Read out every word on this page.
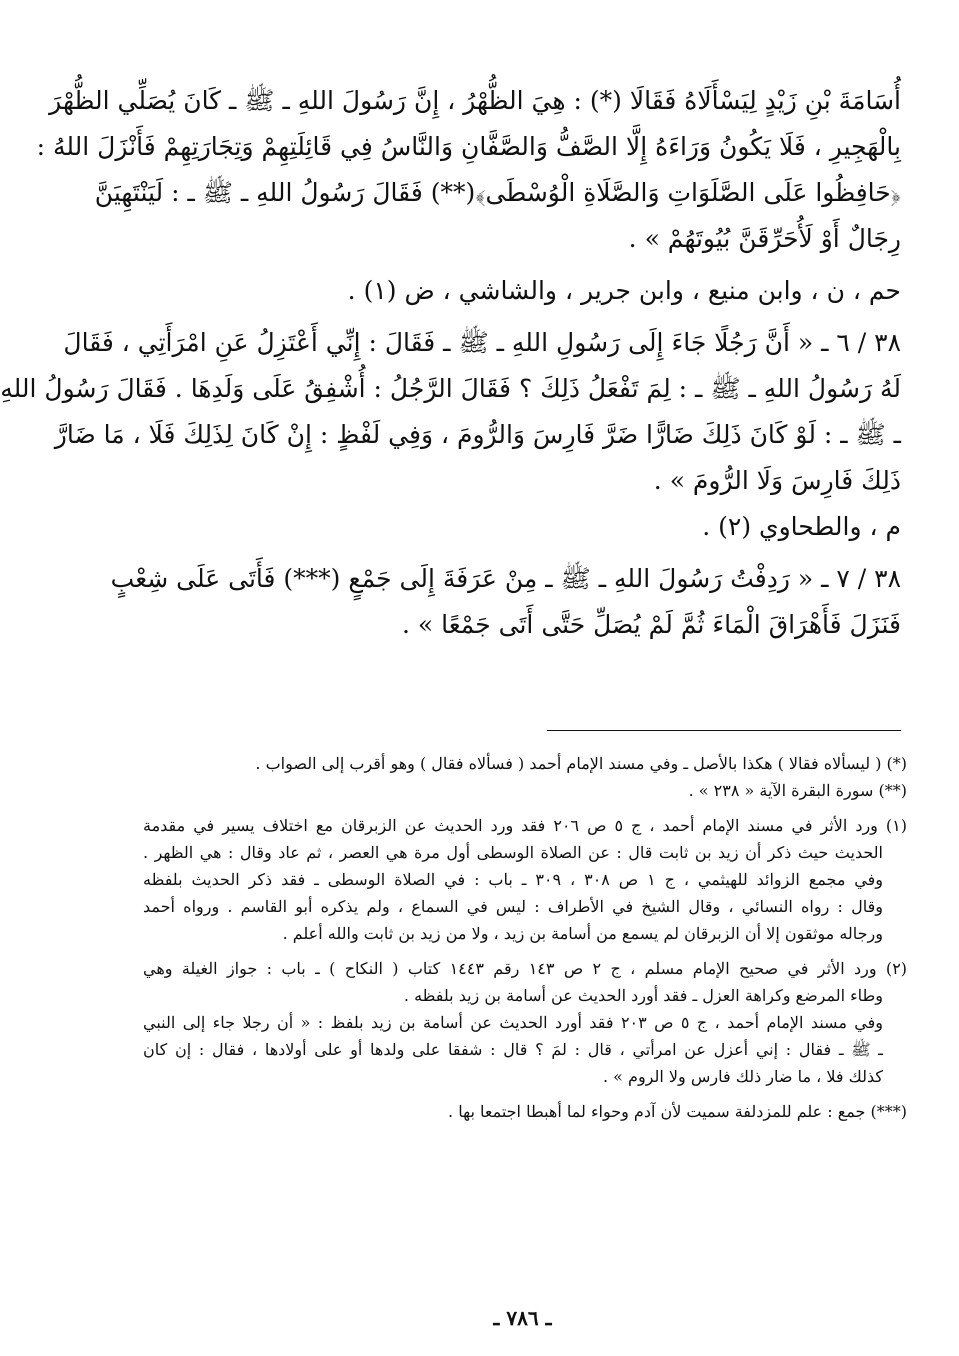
أُسَامَةَ بْنِ زَيْدٍ لِيَسْأَلَاهُ فَقَالَا (*) : هِيَ الظُّهْرُ ، إِنَّ رَسُولَ اللهِ ـ ﷺ ـ كَانَ يُصَلِّي الظُّهْرَ
بِالْهَجِيرِ ، فَلَا يَكُونُ وَرَاءَهُ إِلَّا الصَّفُّ وَالصَّفَّانِ وَالنَّاسُ فِي قَائِلَتِهِمْ وَتِجَارَتِهِمْ فَأَنْزَلَ اللهُ :
﴿حَافِظُوا عَلَى الصَّلَوَاتِ وَالصَّلَاةِ الْوُسْطَى﴾(**) فَقَالَ رَسُولُ اللهِ ـ ﷺ ـ : لَيَنْتَهِيَنَّ
رِجَالٌ أَوْ لَأُحَرِّقَنَّ بُيُوتَهُمْ » .
حم ، ن ، وابن منيع ، وابن جرير ، والشاشي ، ض (١) .
٣٨ / ٦ ـ « أَنَّ رَجُلًا جَاءَ إِلَى رَسُولِ اللهِ ـ ﷺ ـ فَقَالَ : إِنِّي أَعْتَزِلُ عَنِ امْرَأَتِي ، فَقَالَ
لَهُ رَسُولُ اللهِ ـ ﷺ ـ : لِمَ تَفْعَلُ ذَلِكَ ؟ فَقَالَ الرَّجُلُ : أُشْفِقُ عَلَى وَلَدِهَا . فَقَالَ رَسُولُ اللهِ
ـ ﷺ ـ : لَوْ كَانَ ذَلِكَ ضَارًّا ضَرَّ فَارِسَ وَالرُّومَ ، وَفِي لَفْظٍ : إِنْ كَانَ لِذَلِكَ فَلَا ، مَا ضَارَّ
ذَلِكَ فَارِسَ وَلَا الرُّومَ » .
م ، والطحاوي (٢) .
٣٨ / ٧ ـ « رَدِفْتُ رَسُولَ اللهِ ـ ﷺ ـ مِنْ عَرَفَةَ إِلَى جَمْعٍ (***) فَأَتَى عَلَى شِعْبٍ
فَنَزَلَ فَأَهْرَاقَ الْمَاءَ ثُمَّ لَمْ يُصَلِّ حَتَّى أَتَى جَمْعًا » .
(*) ( ليسألاه فقالا ) هكذا بالأصل ـ وفي مسند الإمام أحمد ( فسألاه فقال ) وهو أقرب إلى الصواب .
(**) سورة البقرة الآية « ٢٣٨ » .
(١) ورد الأثر في مسند الإمام أحمد ، ج ٥ ص ٢٠٦ فقد ورد الحديث عن الزبرقان مع اختلاف يسير في مقدمة
الحديث حيث ذكر أن زيد بن ثابت قال : عن الصلاة الوسطى أول مرة هي العصر ، ثم عاد وقال : هي الظهر .
وفي مجمع الزوائد للهيثمي ، ج ١ ص ٣٠٨ ، ٣٠٩ ـ باب : في الصلاة الوسطى ـ فقد ذكر الحديث بلفظه
وقال : رواه النسائي ، وقال الشيخ في الأطراف : ليس في السماع ، ولم يذكره أبو القاسم . ورواه أحمد
ورجاله موثقون إلا أن الزبرقان لم يسمع من أسامة بن زيد ، ولا من زيد بن ثابت والله أعلم .
(٢) ورد الأثر في صحيح الإمام مسلم ، ج ٢ ص ١٤٣ رقم ١٤٤٣ كتاب ( النكاح ) ـ باب : جواز الغيلة وهي
وطاء المرضع وكراهة العزل ـ فقد أورد الحديث عن أسامة بن زيد بلفظه .
وفي مسند الإمام أحمد ، ج ٥ ص ٢٠٣ فقد أورد الحديث عن أسامة بن زيد بلفظ : « أن رجلا جاء إلى النبي
ـ ﷺ ـ فقال : إني أعزل عن امرأتي ، قال : لمَ ؟ قال : شفقا على ولدها أو على أولادها ، فقال : إن كان
كذلك فلا ، ما ضار ذلك فارس ولا الروم » .
(***) جمع : علم للمزدلفة سميت لأن آدم وحواء لما أهبطا اجتمعا بها .
ـ ٧٨٦ ـ
